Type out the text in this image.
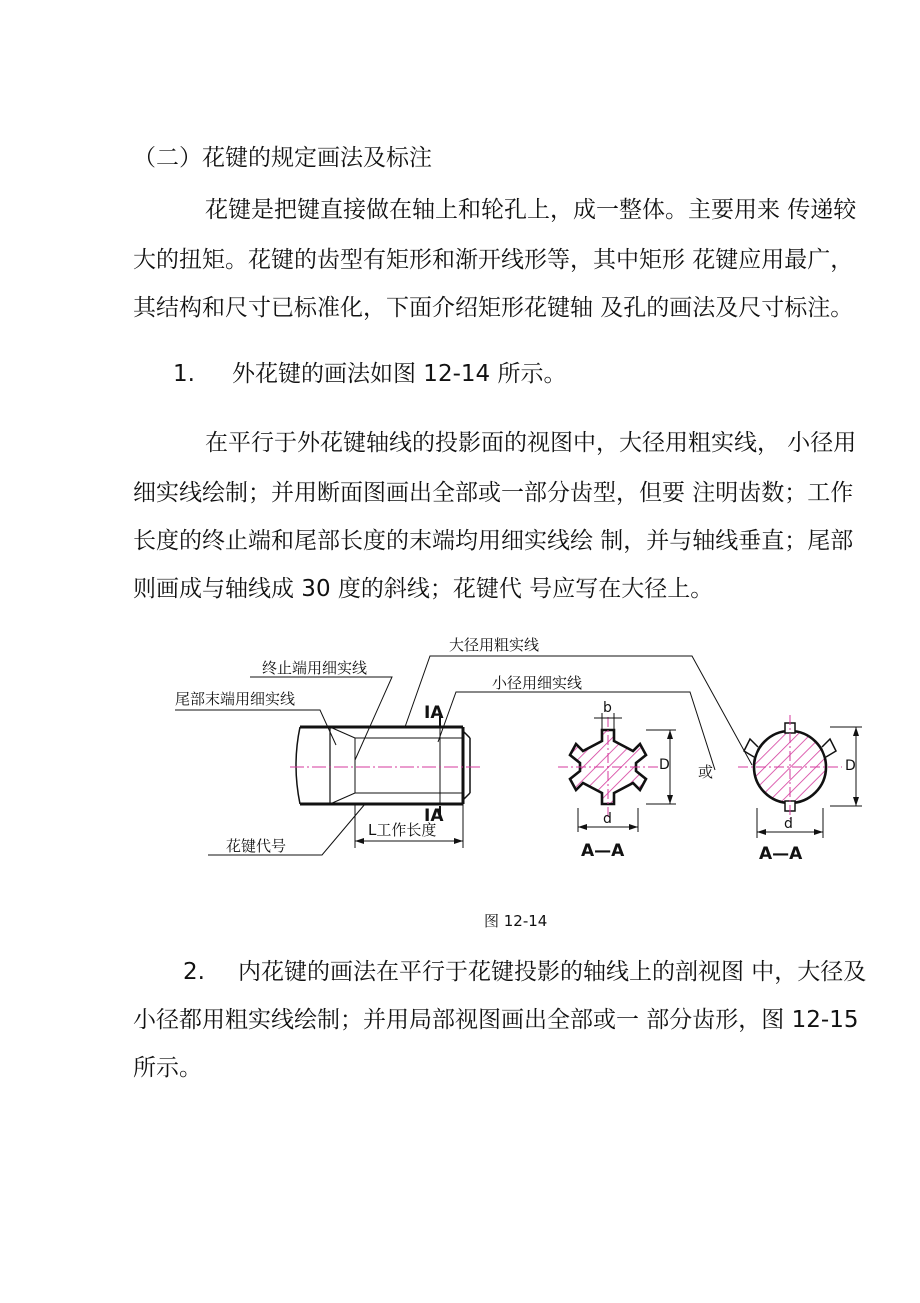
（二）花键的规定画法及标注
花键是把键直接做在轴上和轮孔上，成一整体。主要用来 传递较
大的扭矩。花键的齿型有矩形和渐开线形等，其中矩形 花键应用最广，
其结构和尺寸已标准化，下面介绍矩形花键轴 及孔的画法及尺寸标注。
1. 外花键的画法如图 12-14 所示。
在平行于外花键轴线的投影面的视图中，大径用粗实线， 小径用
细实线绘制；并用断面图画出全部或一部分齿型，但要 注明齿数；工作
长度的终止端和尾部长度的末端均用细实线绘 制，并与轴线垂直；尾部
则画成与轴线成 30 度的斜线；花键代 号应写在大径上。
大径用粗实线
小径用细实线
终止端用细实线
尾部末端用细实线
花键代号
L工作长度
IA
IA
b
D
d
或	D
d
A—A	A—A
图 12-14
2. 内花键的画法在平行于花键投影的轴线上的剖视图 中，大径及
小径都用粗实线绘制；并用局部视图画出全部或一 部分齿形，图 12-15
所示。
